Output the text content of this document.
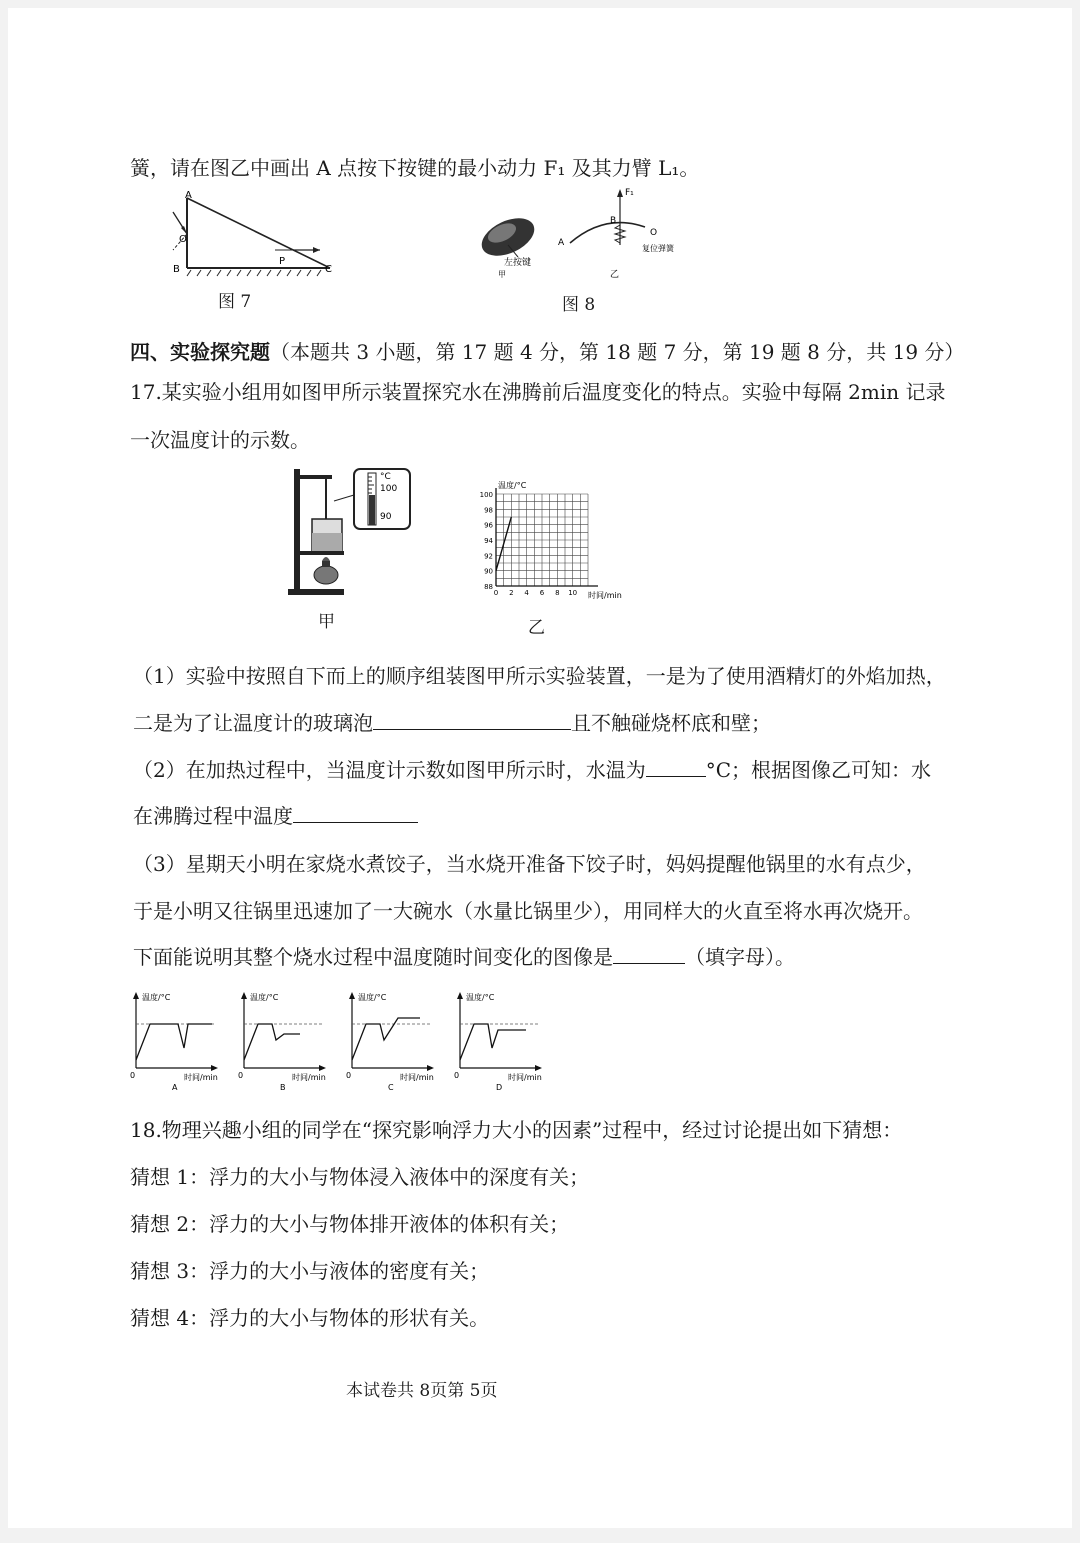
簧，请在图乙中画出 A 点按下按键的最小动力 F₁ 及其力臂 L₁。
A
O
B
P
C
图 7
左按键
甲
F₁
B
O
A
复位弹簧
乙
图 8
四、实验探究题（本题共 3 小题，第 17 题 4 分，第 18 题 7 分，第 19 题 8 分，共 19 分）
17.某实验小组用如图甲所示装置探究水在沸腾前后温度变化的特点。实验中每隔 2min 记录
一次温度计的示数。
°C
100
90
甲
温度/°C
时间/min
100
98
96
94
92
90
88
0 2 4 6 8 10
乙
（1）实验中按照自下而上的顺序组装图甲所示实验装置，一是为了使用酒精灯的外焰加热，
二是为了让温度计的玻璃泡	且不触碰烧杯底和壁；
（2）在加热过程中，当温度计示数如图甲所示时，水温为	°C；根据图像乙可知：水
在沸腾过程中温度
（3）星期天小明在家烧水煮饺子，当水烧开准备下饺子时，妈妈提醒他锅里的水有点少，
于是小明又往锅里迅速加了一大碗水（水量比锅里少），用同样大的火直至将水再次烧开。
下面能说明其整个烧水过程中温度随时间变化的图像是	（填字母）。
温度/°C
0	时间/min
A
温度/°C
0	时间/min
B
温度/°C
0	时间/min
C
温度/°C
0	时间/min
D
18.物理兴趣小组的同学在“探究影响浮力大小的因素”过程中，经过讨论提出如下猜想：
猜想 1：浮力的大小与物体浸入液体中的深度有关；
猜想 2：浮力的大小与物体排开液体的体积有关；
猜想 3：浮力的大小与液体的密度有关；
猜想 4：浮力的大小与物体的形状有关。
本试卷共 8页第 5页
